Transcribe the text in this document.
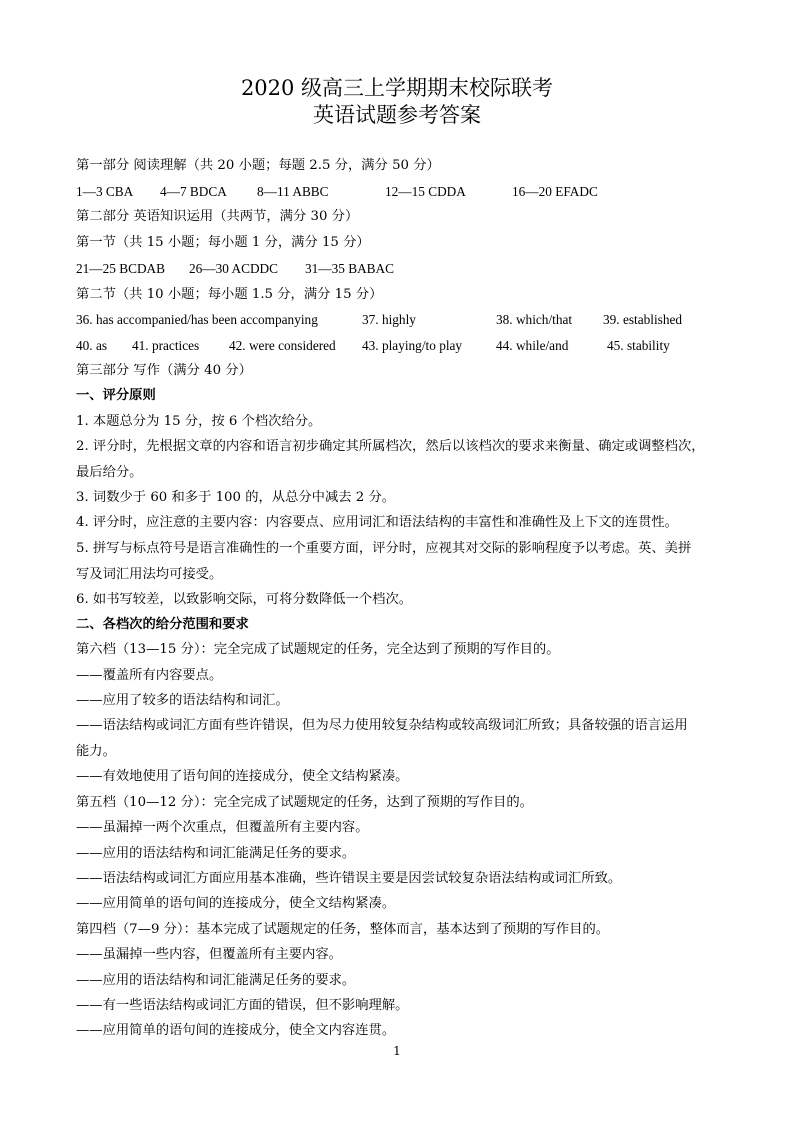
2020 级高三上学期期末校际联考
英语试题参考答案
第一部分 阅读理解（共 20 小题；每题 2.5 分，满分 50 分）
1—3 CBA 4—7 BDCA 8—11 ABBC	12—15 CDDA	16—20 EFADC
第二部分 英语知识运用（共两节，满分 30 分）
第一节（共 15 小题；每小题 1 分，满分 15 分）
21—25 BCDAB 26—30 ACDDC 31—35 BABAC
第二节（共 10 小题；每小题 1.5 分，满分 15 分）
36. has accompanied/has been accompanying	37. highly	38. which/that 39. established
40. as 41. practices 42. were considered 43. playing/to play	44. while/and	45. stability
第三部分 写作（满分 40 分）
一、评分原则
1. 本题总分为 15 分，按 6 个档次给分。
2. 评分时，先根据文章的内容和语言初步确定其所属档次，然后以该档次的要求来衡量、确定或调整档次，
最后给分。
3. 词数少于 60 和多于 100 的，从总分中减去 2 分。
4. 评分时，应注意的主要内容：内容要点、应用词汇和语法结构的丰富性和准确性及上下文的连贯性。
5. 拼写与标点符号是语言准确性的一个重要方面，评分时，应视其对交际的影响程度予以考虑。英、美拼
写及词汇用法均可接受。
6. 如书写较差，以致影响交际，可将分数降低一个档次。
二、各档次的给分范围和要求
第六档（13—15 分）：完全完成了试题规定的任务，完全达到了预期的写作目的。
——覆盖所有内容要点。
——应用了较多的语法结构和词汇。
——语法结构或词汇方面有些许错误，但为尽力使用较复杂结构或较高级词汇所致；具备较强的语言运用
能力。
——有效地使用了语句间的连接成分，使全文结构紧凑。
第五档（10—12 分）：完全完成了试题规定的任务，达到了预期的写作目的。
——虽漏掉一两个次重点，但覆盖所有主要内容。
——应用的语法结构和词汇能满足任务的要求。
——语法结构或词汇方面应用基本准确，些许错误主要是因尝试较复杂语法结构或词汇所致。
——应用简单的语句间的连接成分，使全文结构紧凑。
第四档（7—9 分）：基本完成了试题规定的任务，整体而言，基本达到了预期的写作目的。
——虽漏掉一些内容，但覆盖所有主要内容。
——应用的语法结构和词汇能满足任务的要求。
——有一些语法结构或词汇方面的错误，但不影响理解。
——应用简单的语句间的连接成分，使全文内容连贯。
1
